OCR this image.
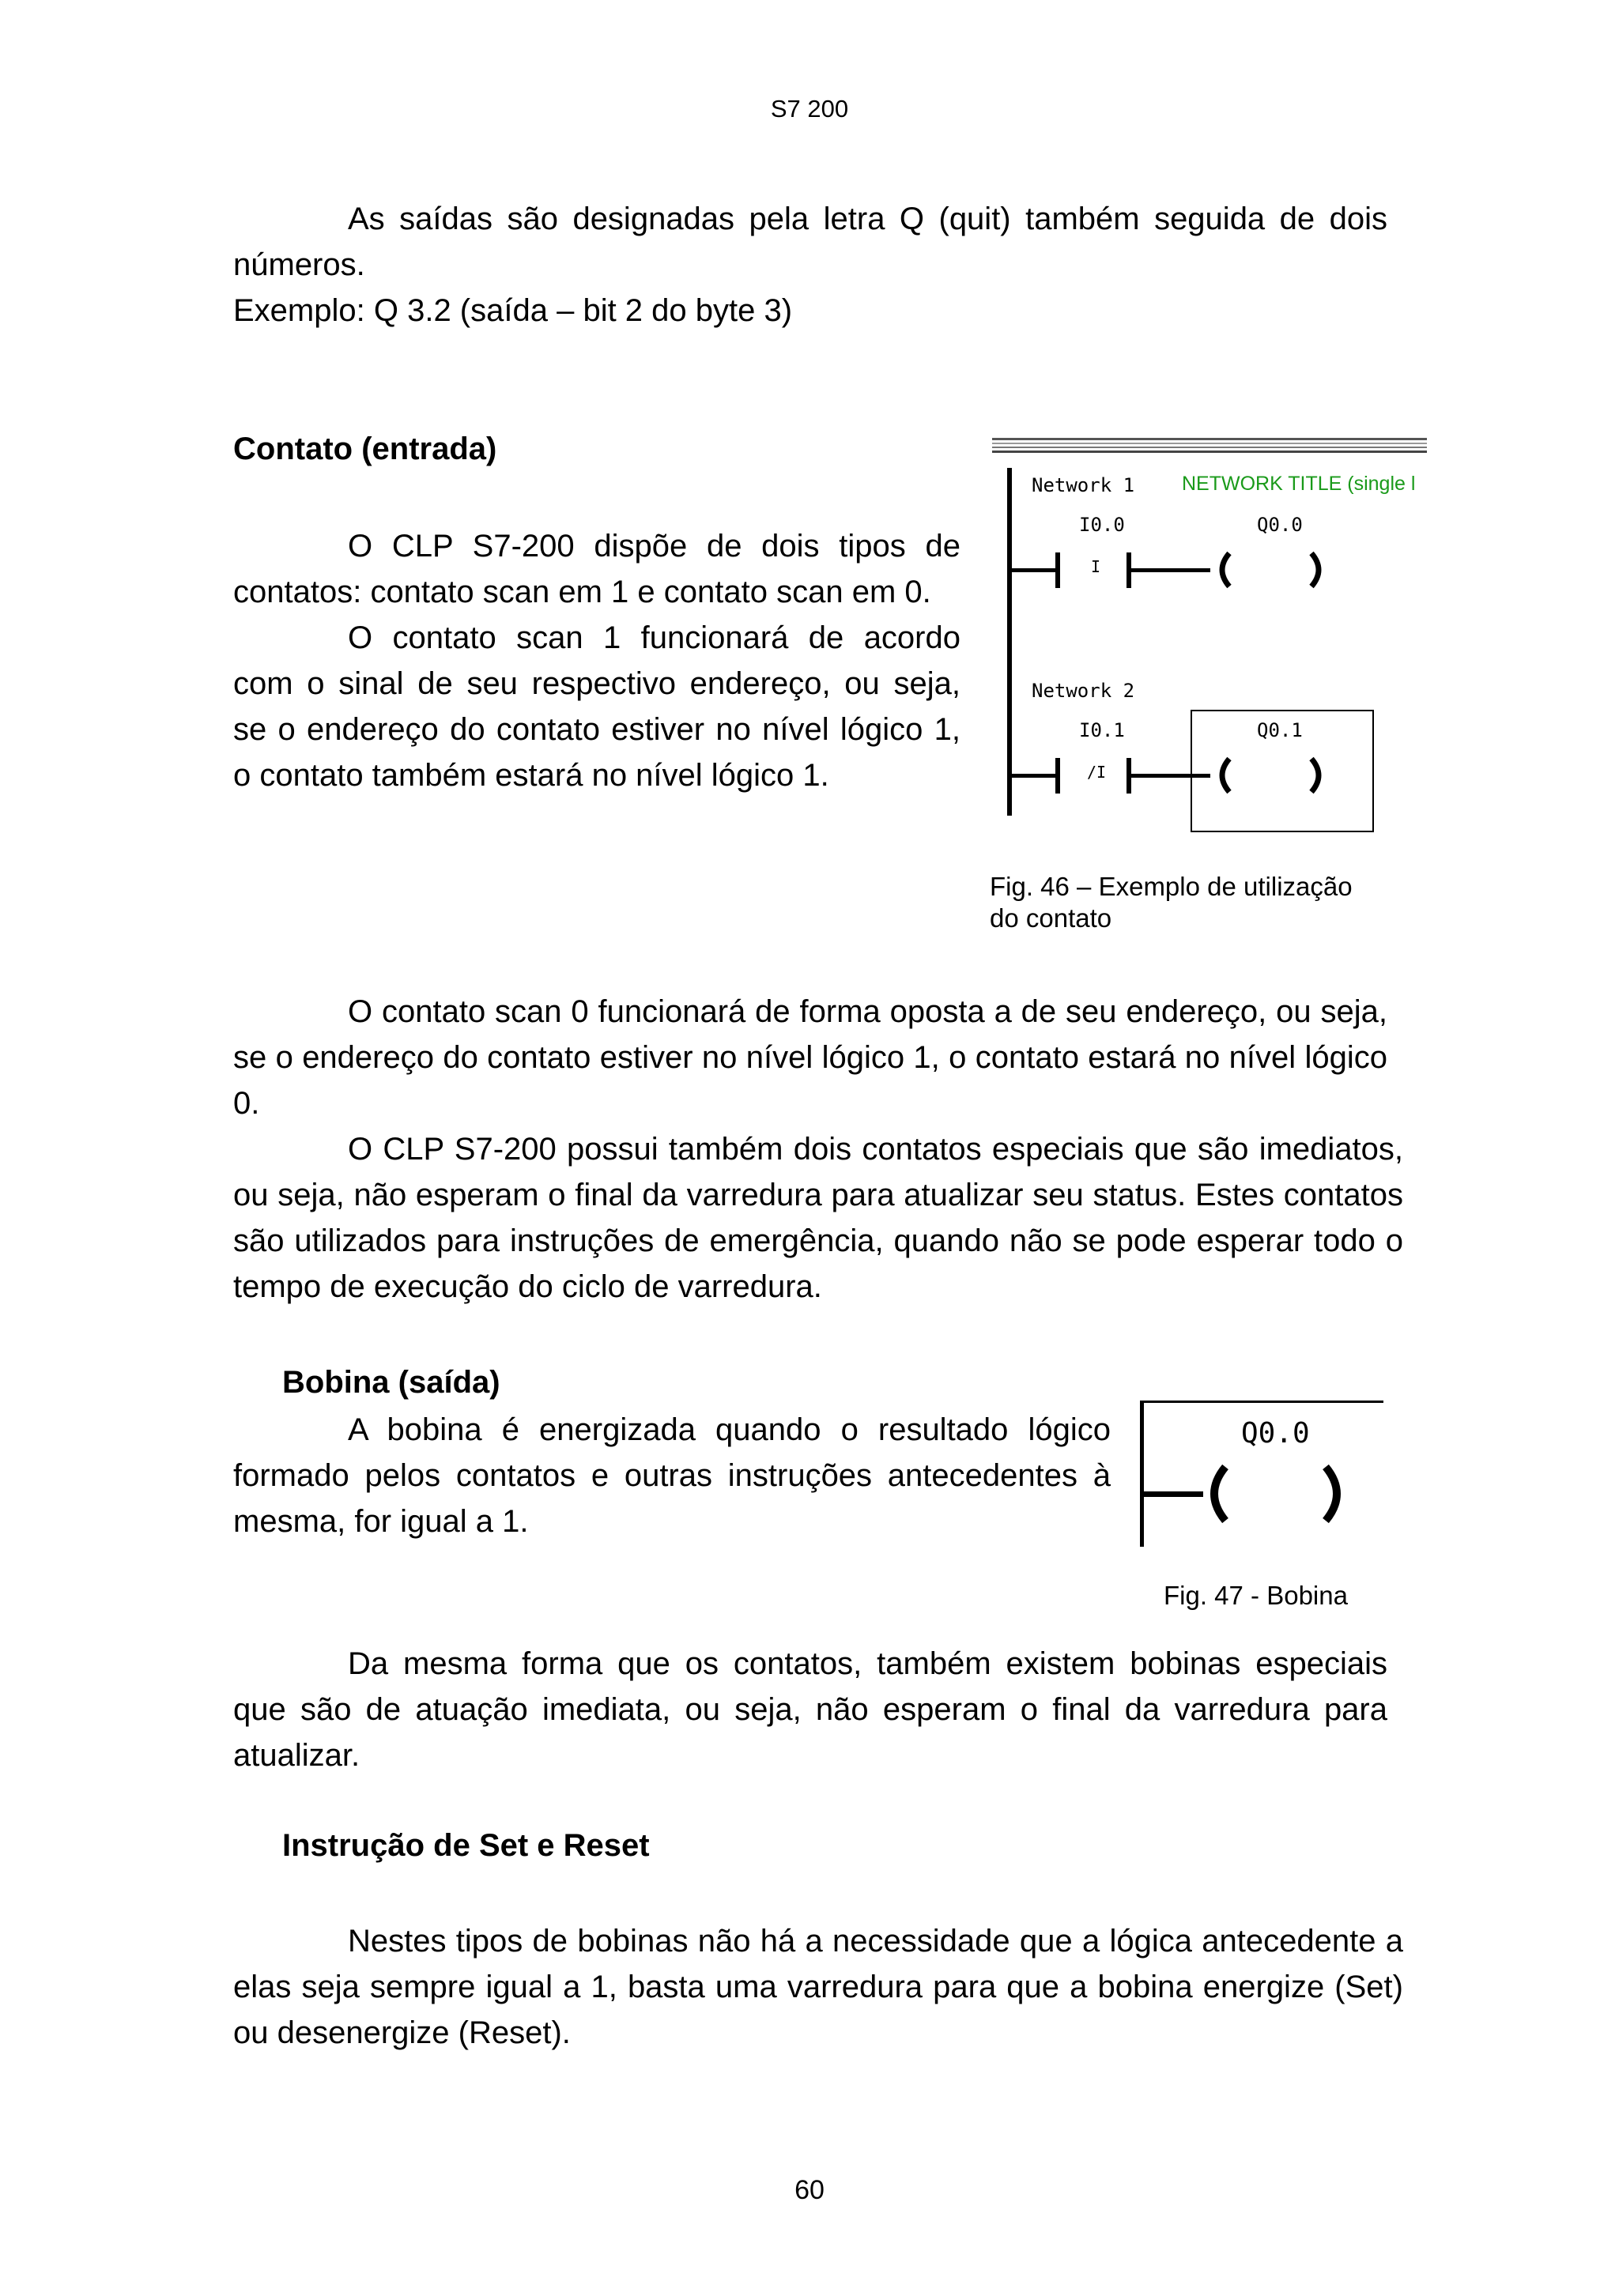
S7 200

As saídas são designadas pela letra Q (quit) também seguida de dois números.

Exemplo: Q 3.2 (saída – bit 2 do byte 3)

Contato (entrada)

O CLP S7-200 dispõe de dois tipos de contatos: contato scan em 1 e contato scan em 0.

O contato scan 1 funcionará de acordo com o sinal de seu respectivo endereço, ou seja, se o endereço do contato estiver no nível lógico 1, o contato também estará no nível lógico 1.

Network 1 NETWORK TITLE (single l
I0.0	Q0.0
I
Network 2
I0.1	Q0.1
/I

Fig. 46 – Exemplo de utilização

do contato

O contato scan 0 funcionará de forma oposta a de seu endereço, ou seja, se o endereço do contato estiver no nível lógico 1, o contato estará no nível lógico 0.

O CLP S7-200 possui também dois contatos especiais que são imediatos, ou seja, não esperam o final da varredura para atualizar seu status. Estes contatos são utilizados para instruções de emergência, quando não se pode esperar todo o tempo de execução do ciclo de varredura.

Bobina (saída)

A bobina é energizada quando o resultado lógico formado pelos contatos e outras instruções antecedentes à mesma, for igual a 1.

Q0.0
Fig. 47 - Bobina

Da mesma forma que os contatos, também existem bobinas especiais que são de atuação imediata, ou seja, não esperam o final da varredura para atualizar.

Instrução de Set e Reset

Nestes tipos de bobinas não há a necessidade que a lógica antecedente a elas seja sempre igual a 1, basta uma varredura para que a bobina energize (Set) ou desenergize (Reset).

60
